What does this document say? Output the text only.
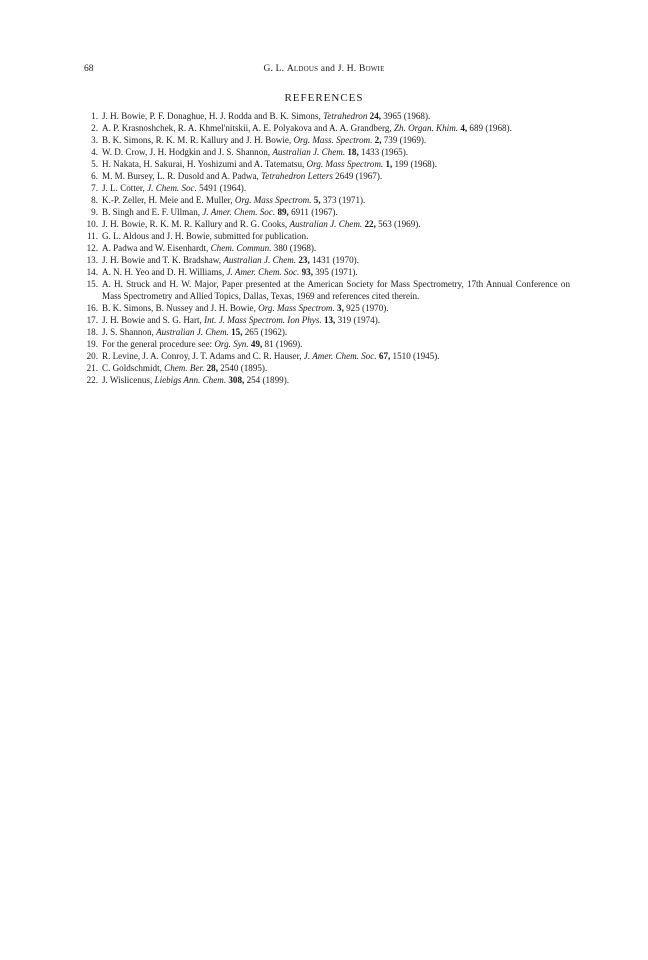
68	G. L. Aldous and J. H. Bowie
REFERENCES
1. J. H. Bowie, P. F. Donaghue, H. J. Rodda and B. K. Simons, Tetrahedron 24, 3965 (1968).
2. A. P. Krasnoshchek, R. A. Khmel'nitskii, A. E. Polyakova and A. A. Grandberg, Zh. Organ. Khim. 4, 689 (1968).
3. B. K. Simons, R. K. M. R. Kallury and J. H. Bowie, Org. Mass. Spectrom. 2, 739 (1969).
4. W. D. Crow, J. H. Hodgkin and J. S. Shannon, Australian J. Chem. 18, 1433 (1965).
5. H. Nakata, H. Sakurai, H. Yoshizumi and A. Tatematsu, Org. Mass Spectrom. 1, 199 (1968).
6. M. M. Bursey, L. R. Dusold and A. Padwa, Tetrahedron Letters 2649 (1967).
7. J. L. Cotter, J. Chem. Soc. 5491 (1964).
8. K.-P. Zeller, H. Meie and E. Muller, Org. Mass Spectrom. 5, 373 (1971).
9. B. Singh and E. F. Ullman, J. Amer. Chem. Soc. 89, 6911 (1967).
10. J. H. Bowie, R. K. M. R. Kallury and R. G. Cooks, Australian J. Chem. 22, 563 (1969).
11. G. L. Aldous and J. H. Bowie, submitted for publication.
12. A. Padwa and W. Eisenhardt, Chem. Commun. 380 (1968).
13. J. H. Bowie and T. K. Bradshaw, Australian J. Chem. 23, 1431 (1970).
14. A. N. H. Yeo and D. H. Williams, J. Amer. Chem. Soc. 93, 395 (1971).
15. A. H. Struck and H. W. Major, Paper presented at the American Society for Mass Spectrometry, 17th Annual Conference on Mass Spectrometry and Allied Topics, Dallas, Texas, 1969 and references cited therein.
16. B. K. Simons, B. Nussey and J. H. Bowie, Org. Mass Spectrom. 3, 925 (1970).
17. J. H. Bowie and S. G. Hart, Int. J. Mass Spectrom. Ion Phys. 13, 319 (1974).
18. J. S. Shannon, Australian J. Chem. 15, 265 (1962).
19. For the general procedure see: Org. Syn. 49, 81 (1969).
20. R. Levine, J. A. Conroy, J. T. Adams and C. R. Hauser, J. Amer. Chem. Soc. 67, 1510 (1945).
21. C. Goldschmidt, Chem. Ber. 28, 2540 (1895).
22. J. Wislicenus, Liebigs Ann. Chem. 308, 254 (1899).
